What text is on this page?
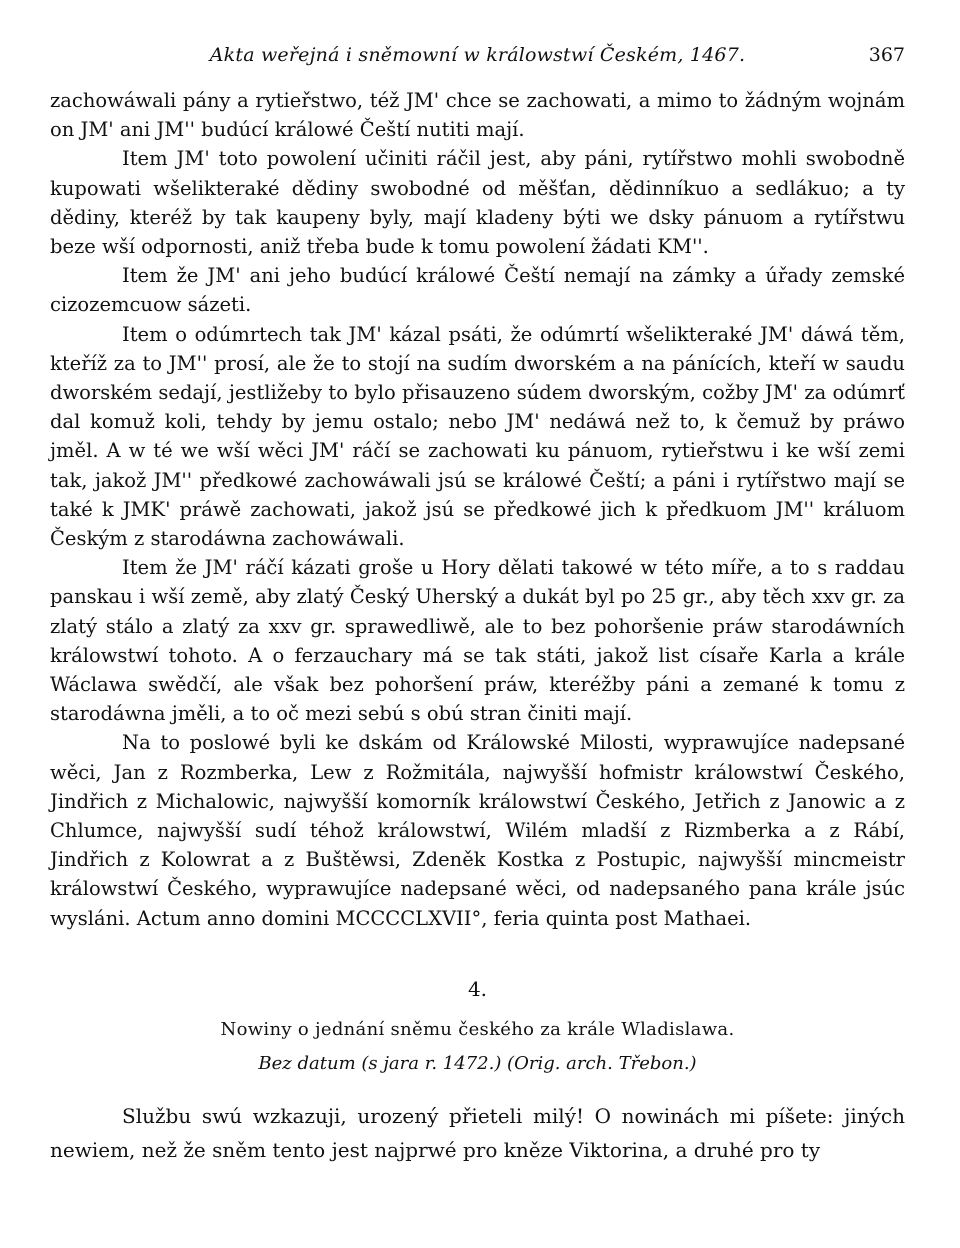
Akta weřejná i sněmowní w králowstwí Českém, 1467.	367

zachowáwali pány a rytieřstwo, též JM' chce se zachowati, a mimo to žádným wojnám on JM' ani JM'' budúcí králowé Čeští nutiti mají.

Item JM' toto powolení učiniti ráčil jest, aby páni, rytířstwo mohli swobodně kupowati wšelikteraké dědiny swobodné od měšťan, dědinníkuo a sedlákuo; a ty dědiny, kteréž by tak kaupeny byly, mají kladeny býti we dsky pánuom a rytířstwu beze wší odpornosti, aniž třeba bude k tomu powolení žádati KM''.

Item že JM' ani jeho budúcí králowé Čeští nemají na zámky a úřady zemské cizozemcuow sázeti.

Item o odúmrtech tak JM' kázal psáti, že odúmrtí wšelikteraké JM' dáwá těm, kteříž za to JM'' prosí, ale že to stojí na sudím dworském a na pánících, kteří w saudu dworském sedají, jestližeby to bylo přisauzeno súdem dworským, cožby JM' za odúmrť dal komuž koli, tehdy by jemu ostalo; nebo JM' nedáwá než to, k čemuž by práwo jměl. A w té we wší wěci JM' ráčí se zachowati ku pánuom, rytieřstwu i ke wší zemi tak, jakož JM'' předkowé zachowáwali jsú se králowé Čeští; a páni i rytířstwo mají se také k JMK' práwě zachowati, jakož jsú se předkowé jich k předkuom JM'' králuom Českým z starodáwna zachowáwali.

Item že JM' ráčí kázati groše u Hory dělati takowé w této míře, a to s raddau panskau i wší země, aby zlatý Český Uherský a dukát byl po 25 gr., aby těch xxv gr. za zlatý stálo a zlatý za xxv gr. sprawedliwě, ale to bez pohoršenie práw starodáwních králowstwí tohoto. A o ferzauchary má se tak státi, jakož list císaře Karla a krále Wáclawa swědčí, ale však bez pohoršení práw, kteréžby páni a zemané k tomu z starodáwna jměli, a to oč mezi sebú s obú stran činiti mají.

Na to poslowé byli ke dskám od Králowské Milosti, wyprawujíce nadepsané wěci, Jan z Rozmberka, Lew z Rožmitála, najwyšší hofmistr králowstwí Českého, Jindřich z Michalowic, najwyšší komorník králowstwí Českého, Jetřich z Janowic a z Chlumce, najwyšší sudí téhož králowstwí, Wilém mladší z Rizmberka a z Rábí, Jindřich z Kolowrat a z Buštěwsi, Zdeněk Kostka z Postupic, najwyšší mincmeistr králowstwí Českého, wyprawujíce nadepsané wěci, od nadepsaného pana krále jsúc wysláni. Actum anno domini MCCCCLXVII°, feria quinta post Mathaei.

4.
Nowiny o jednání sněmu českého za krále Wladislawa.
Bez datum (s jara r. 1472.) (Orig. arch. Třebon.)

Službu swú wzkazuji, urozený přieteli milý! O nowinách mi píšete: jiných newiem, než že sněm tento jest najprwé pro kněze Viktorina, a druhé pro ty
